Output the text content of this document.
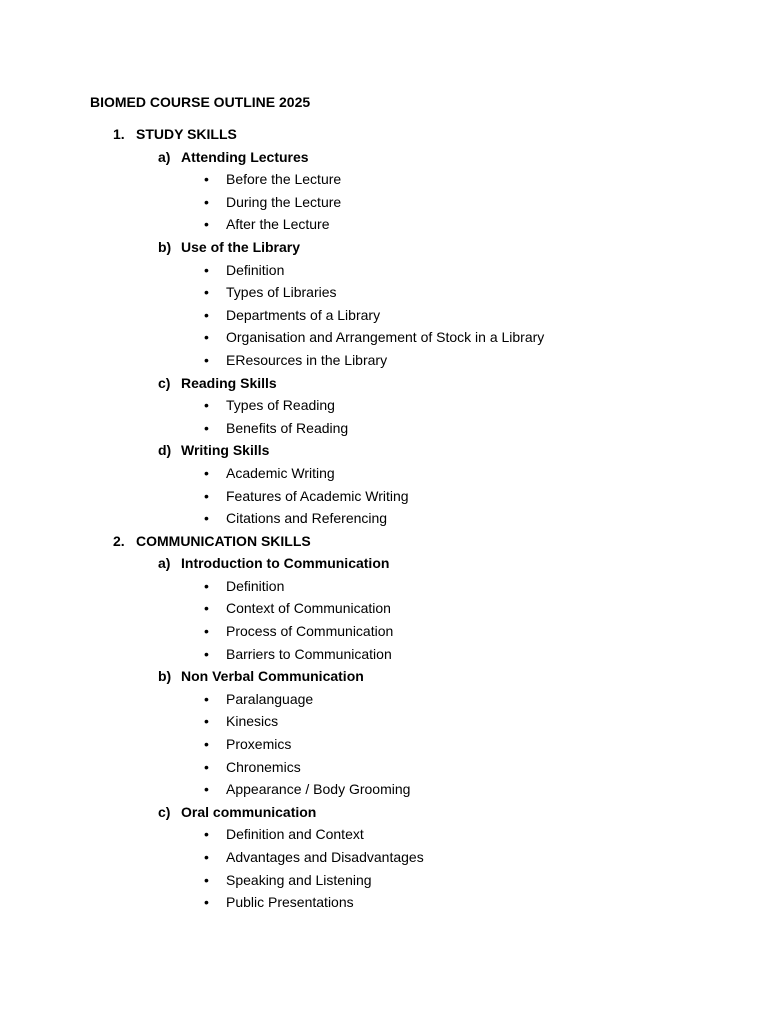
BIOMED COURSE OUTLINE 2025
1. STUDY SKILLS
a) Attending Lectures
• Before the Lecture
• During the Lecture
• After the Lecture
b) Use of the Library
• Definition
• Types of Libraries
• Departments of a Library
• Organisation and Arrangement of Stock in a Library
• EResources in the Library
c) Reading Skills
• Types of Reading
• Benefits of Reading
d) Writing Skills
• Academic Writing
• Features of Academic Writing
• Citations and Referencing
2. COMMUNICATION SKILLS
a) Introduction to Communication
• Definition
• Context of Communication
• Process of Communication
• Barriers to Communication
b) Non Verbal Communication
• Paralanguage
• Kinesics
• Proxemics
• Chronemics
• Appearance / Body Grooming
c) Oral communication
• Definition and Context
• Advantages and Disadvantages
• Speaking and Listening
• Public Presentations
